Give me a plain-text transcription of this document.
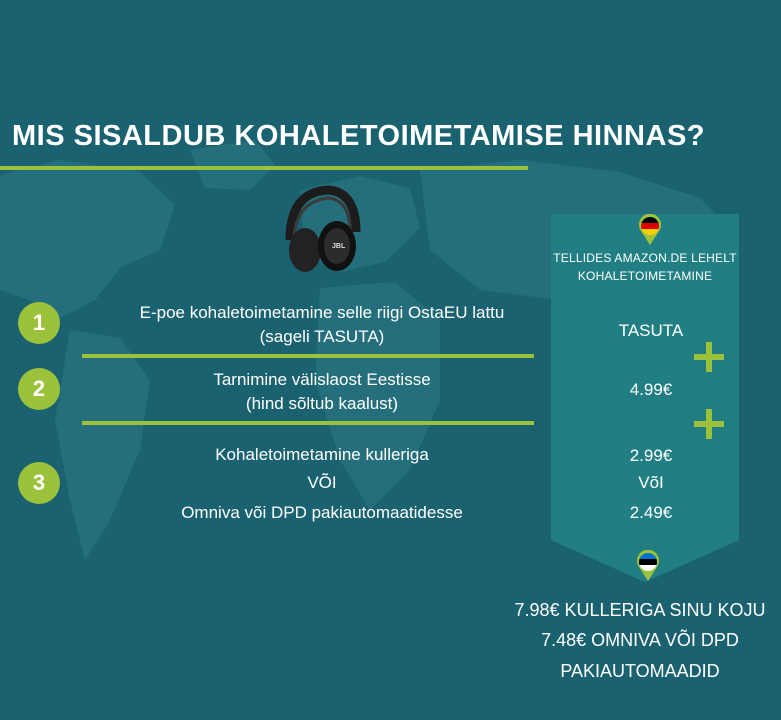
MIS SISALDUB KOHALETOIMETAMISE HINNAS?
JBL
TELLIDES AMAZON.DE LEHELT
KOHALETOIMETAMINE
1
2
3
E-poe kohaletoimetamine selle riigi OstaEU lattu
(sageli TASUTA)
Tarnimine välislaost Eestisse
(hind sõltub kaalust)
Kohaletoimetamine kulleriga
VÕI
Omniva või DPD pakiautomaatidesse
TASUTA
4.99€
2.99€
VõI
2.49€
7.98€ KULLERIGA SINU KOJU
7.48€ OMNIVA VÕI DPD
PAKIAUTOMAADID
